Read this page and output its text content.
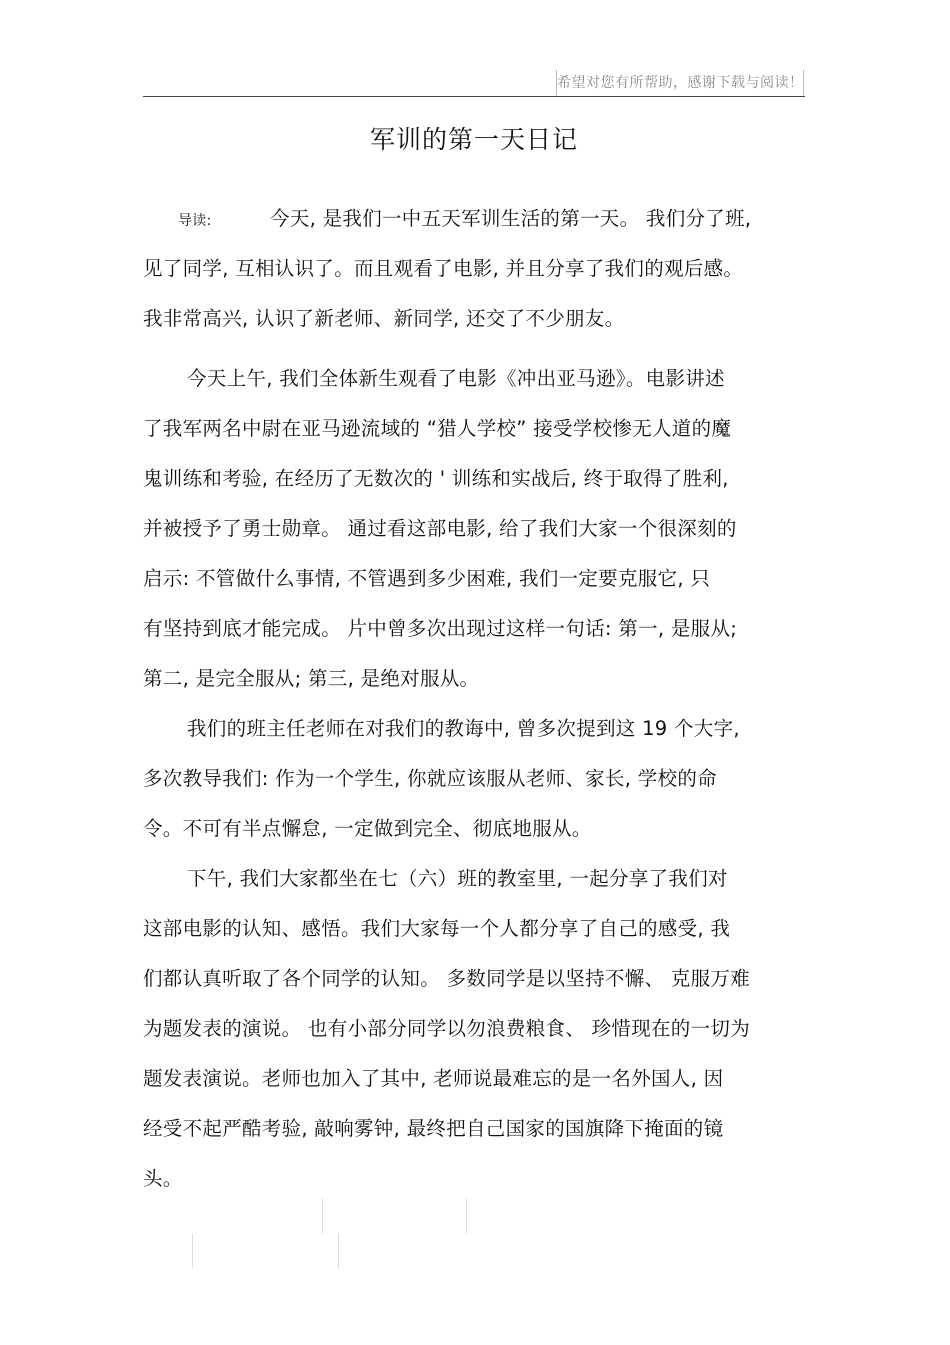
希望对您有所帮助，感谢下载与阅读！
军训的第一天日记
导读:	今天, 是我们一中五天军训生活的第一天。 我们分了班,
见了同学, 互相认识了。而且观看了电影, 并且分享了我们的观后感。
我非常高兴, 认识了新老师、新同学, 还交了不少朋友。
今天上午, 我们全体新生观看了电影《冲出亚马逊》。电影讲述
了我军两名中尉在亚马逊流域的 “猎人学校” 接受学校惨无人道的魔
鬼训练和考验, 在经历了无数次的 ' 训练和实战后, 终于取得了胜利,
并被授予了勇士勋章。 通过看这部电影, 给了我们大家一个很深刻的
启示: 不管做什么事情, 不管遇到多少困难, 我们一定要克服它, 只
有坚持到底才能完成。 片中曾多次出现过这样一句话: 第一, 是服从;
第二, 是完全服从; 第三, 是绝对服从。
我们的班主任老师在对我们的教诲中, 曾多次提到这 19 个大字,
多次教导我们: 作为一个学生, 你就应该服从老师、家长, 学校的命
令。不可有半点懈怠, 一定做到完全、彻底地服从。
下午, 我们大家都坐在七（六）班的教室里, 一起分享了我们对
这部电影的认知、感悟。我们大家每一个人都分享了自己的感受, 我
们都认真听取了各个同学的认知。 多数同学是以坚持不懈、 克服万难
为题发表的演说。 也有小部分同学以勿浪费粮食、 珍惜现在的一切为
题发表演说。老师也加入了其中, 老师说最难忘的是一名外国人, 因
经受不起严酷考验, 敲响雾钟, 最终把自己国家的国旗降下掩面的镜
头。
